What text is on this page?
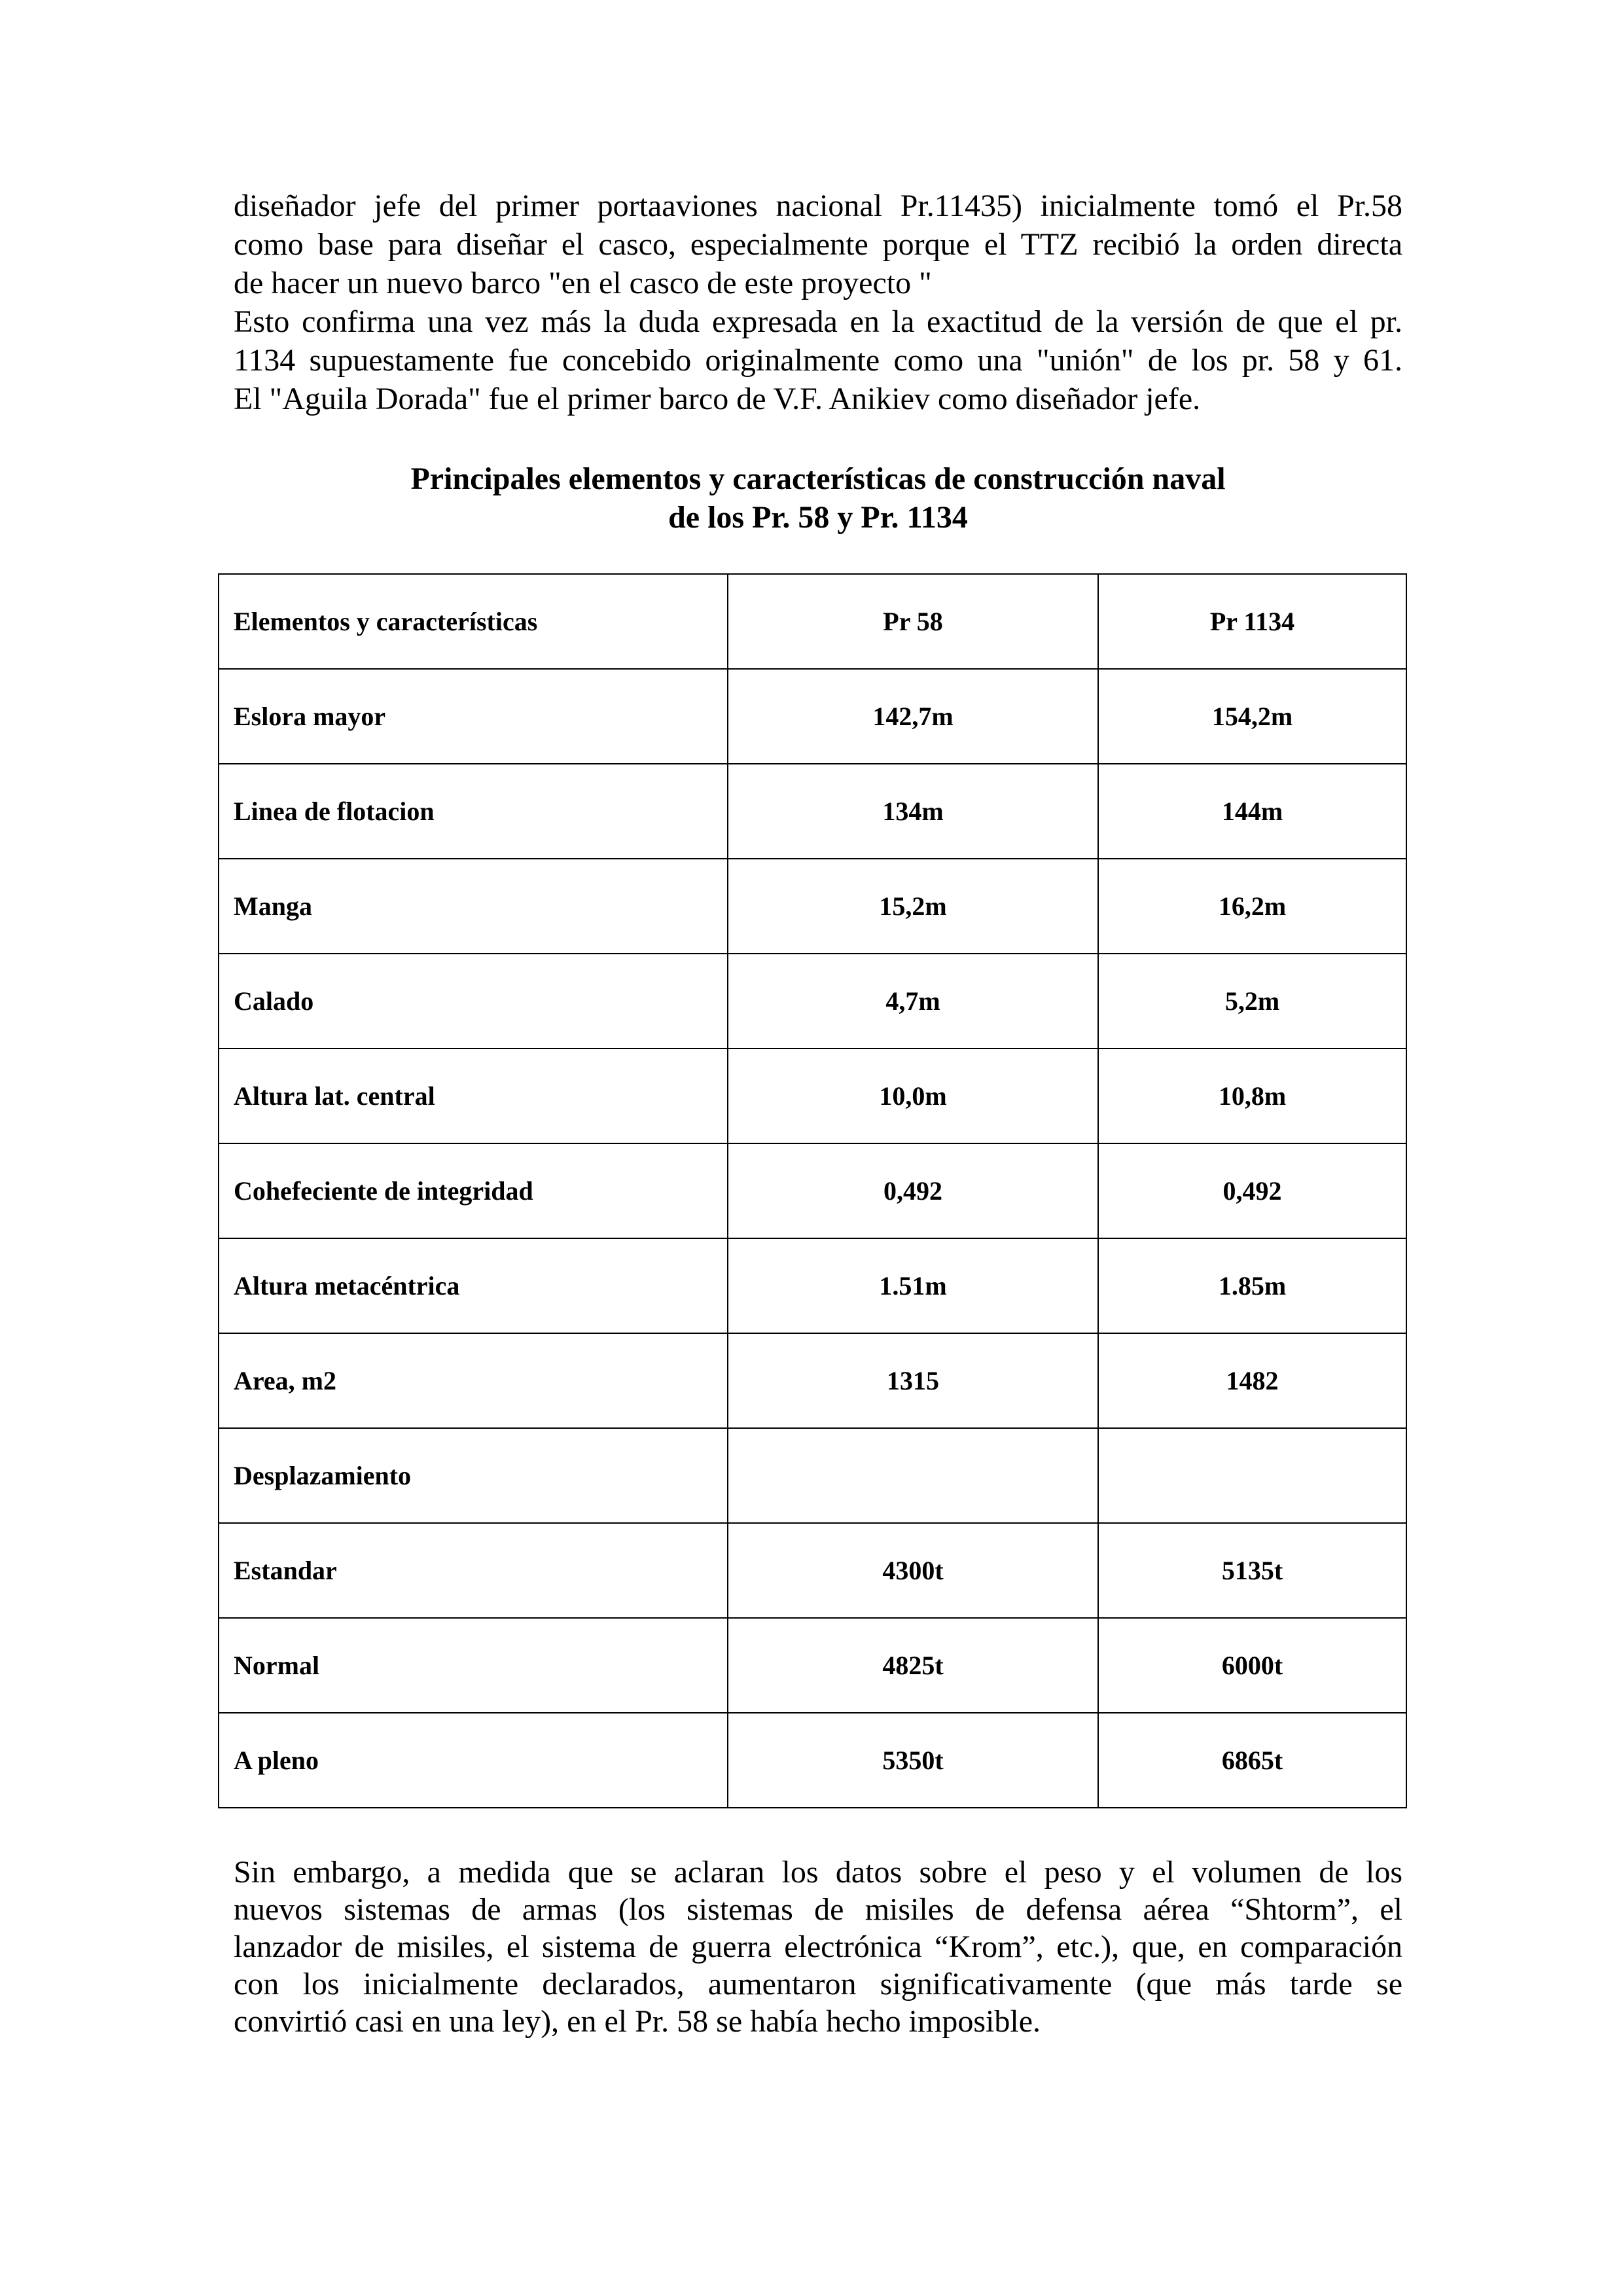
diseñador jefe del primer portaaviones nacional Pr.11435) inicialmente tomó el Pr.58

como base para diseñar el casco, especialmente porque el TTZ recibió la orden directa

de hacer un nuevo barco "en el casco de este proyecto "

Esto confirma una vez más la duda expresada en la exactitud de la versión de que el pr.

1134 supuestamente fue concebido originalmente como una "unión" de los pr. 58 y 61.

El "Aguila Dorada" fue el primer barco de V.F. Anikiev como diseñador jefe.

Principales elementos y características de construcción naval
de los Pr. 58 y Pr. 1134
Elementos y características	Pr 58	Pr 1134
Eslora mayor	142,7m	154,2m
Linea de flotacion	134m	144m
Manga	15,2m	16,2m
Calado	4,7m	5,2m
Altura lat. central	10,0m	10,8m
Cohefeciente de integridad	0,492	0,492
Altura metacéntrica	1.51m	1.85m
Area, m2	1315	1482
Desplazamiento		
Estandar	4300t	5135t
Normal	4825t	6000t
A pleno	5350t	6865t
Sin embargo, a medida que se aclaran los datos sobre el peso y el volumen de los
nuevos sistemas de armas (los sistemas de misiles de defensa aérea “Shtorm”, el
lanzador de misiles, el sistema de guerra electrónica “Krom”, etc.), que, en comparación
con los inicialmente declarados, aumentaron significativamente (que más tarde se
convirtió casi en una ley), en el Pr. 58 se había hecho imposible.
